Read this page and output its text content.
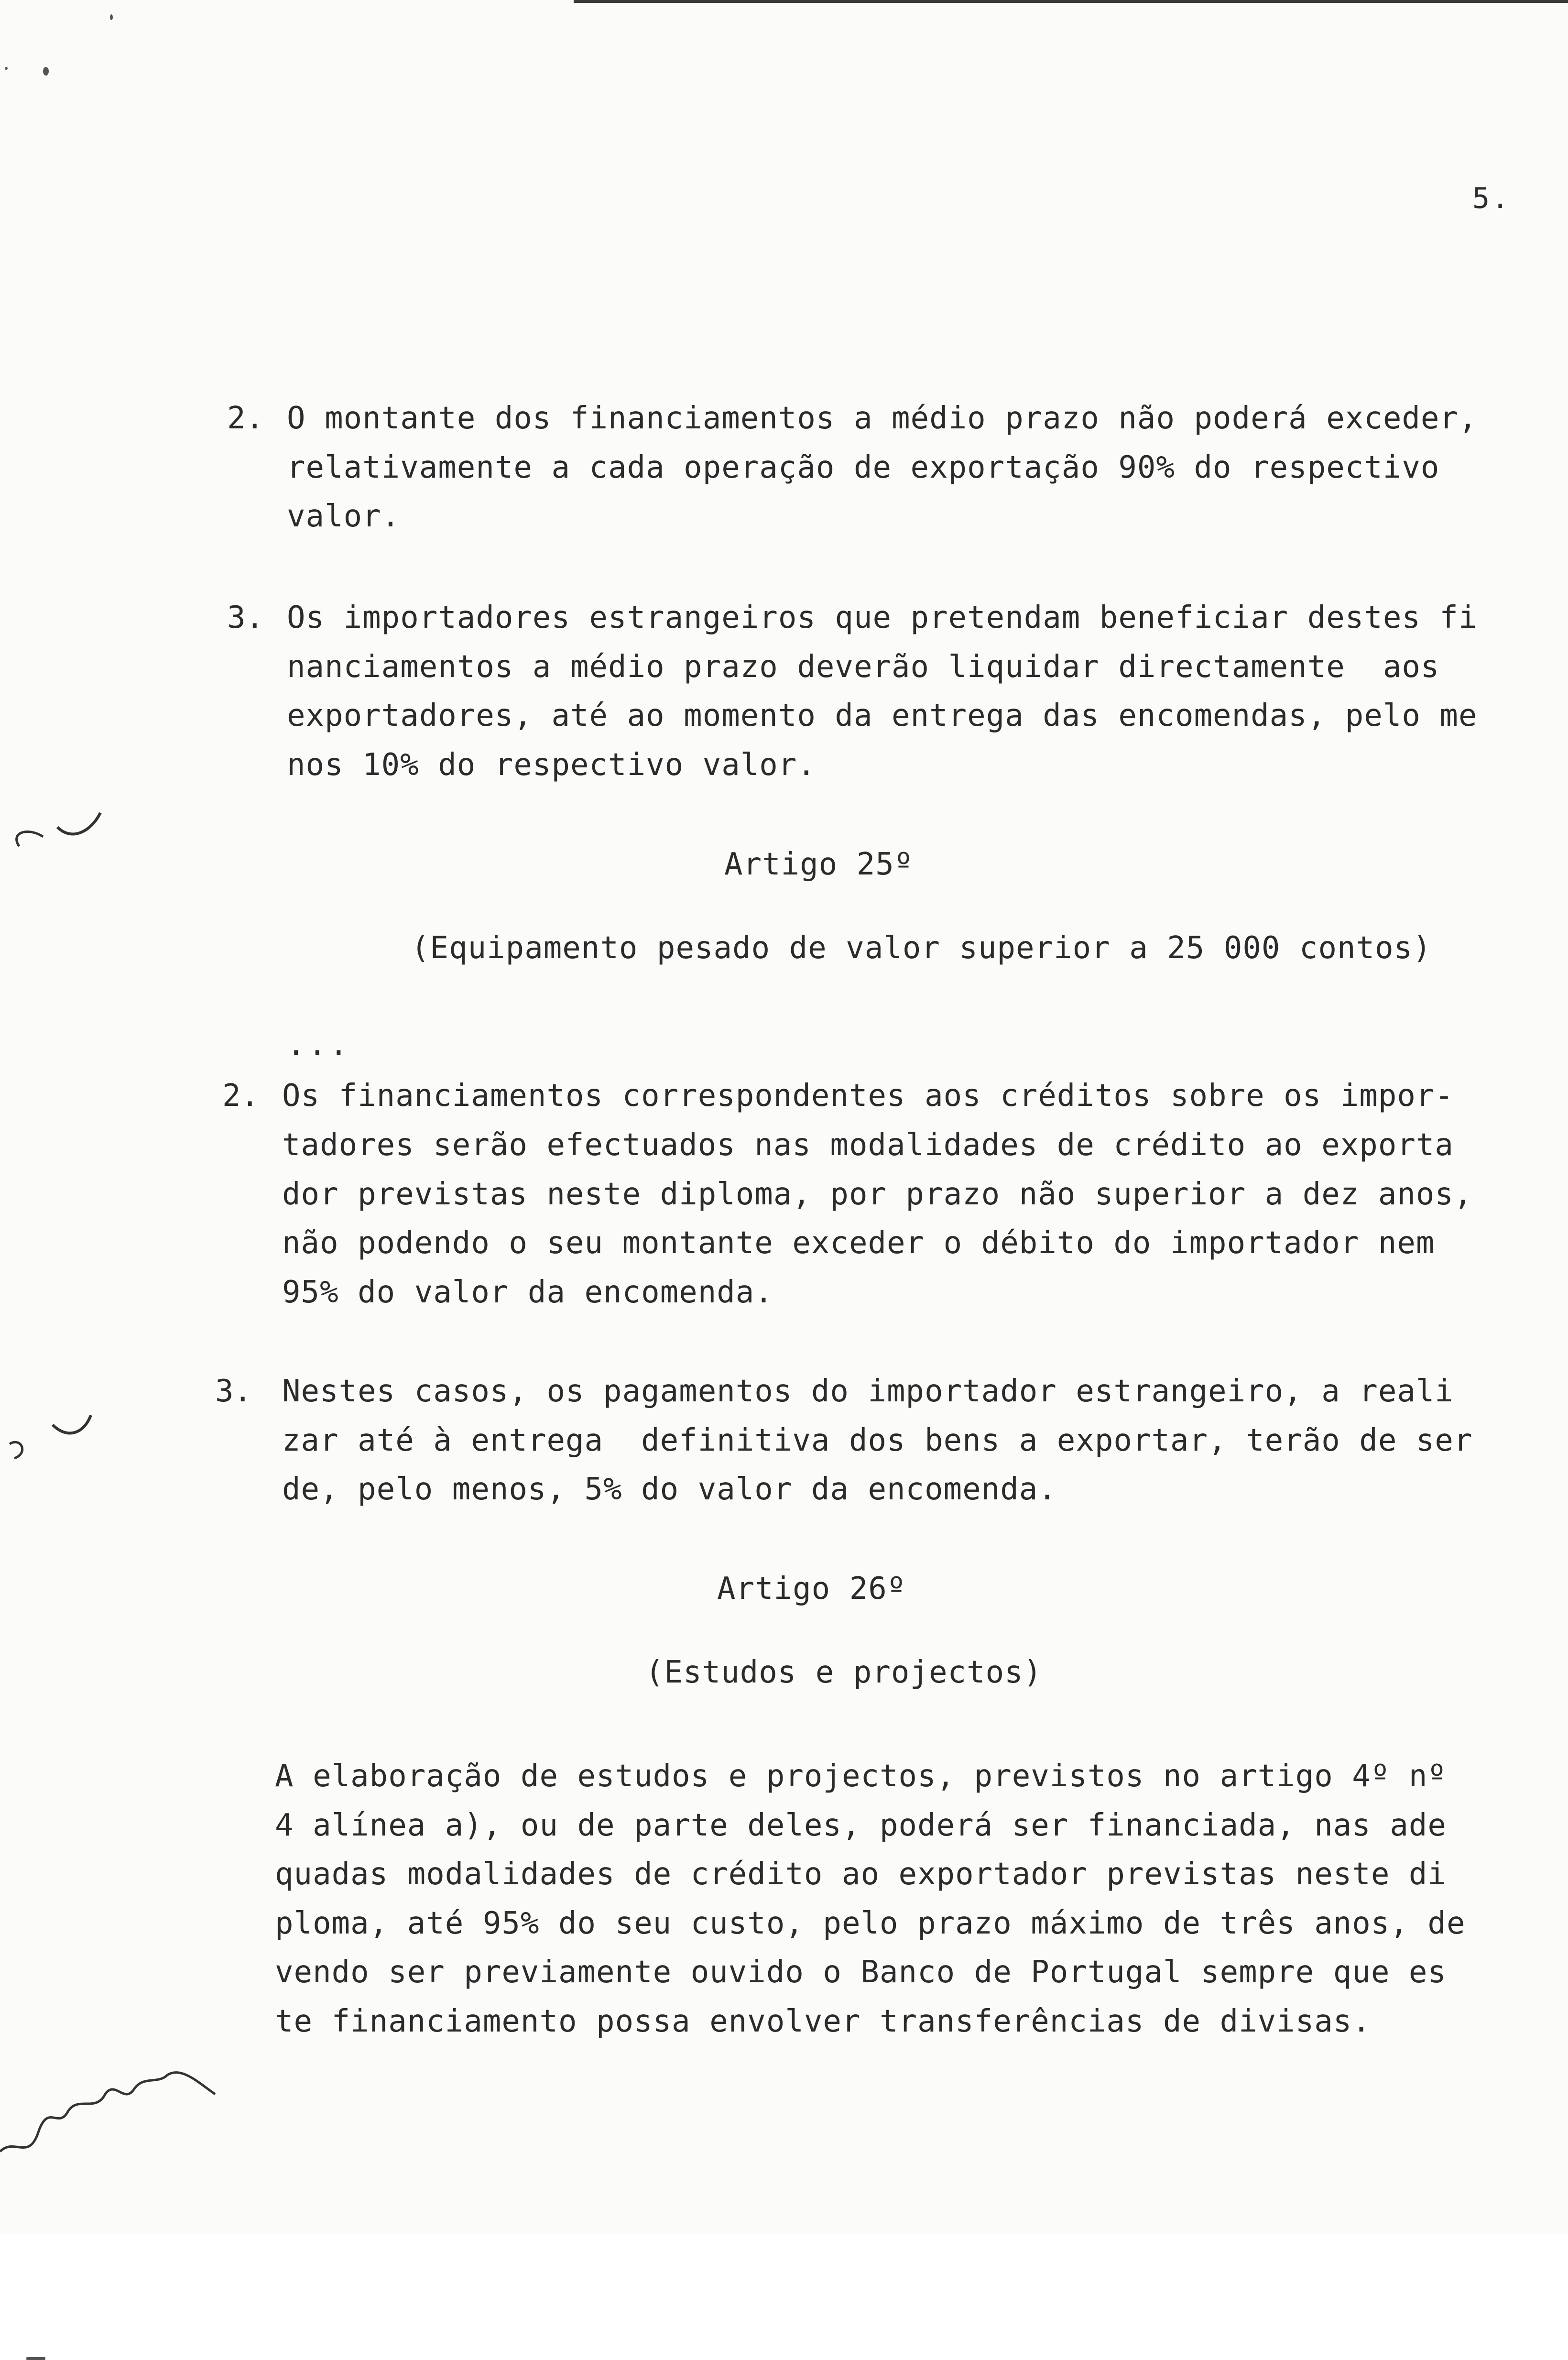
5.
2. O montante dos financiamentos a médio prazo não poderá exceder,
relativamente a cada operação de exportação 90% do respectivo
valor.
3. Os importadores estrangeiros que pretendam beneficiar destes fi
nanciamentos a médio prazo deverão liquidar directamente  aos
exportadores, até ao momento da entrega das encomendas, pelo me
nos 10% do respectivo valor.
Artigo 25º
(Equipamento pesado de valor superior a 25 000 contos)
...
2. Os financiamentos correspondentes aos créditos sobre os impor-
tadores serão efectuados nas modalidades de crédito ao exporta
dor previstas neste diploma, por prazo não superior a dez anos,
não podendo o seu montante exceder o débito do importador nem
95% do valor da encomenda.
3. Nestes casos, os pagamentos do importador estrangeiro, a reali
zar até à entrega  definitiva dos bens a exportar, terão de ser
de, pelo menos, 5% do valor da encomenda.
Artigo 26º
(Estudos e projectos)
A elaboração de estudos e projectos, previstos no artigo 4º nº
4 alínea a), ou de parte deles, poderá ser financiada, nas ade
quadas modalidades de crédito ao exportador previstas neste di
ploma, até 95% do seu custo, pelo prazo máximo de três anos, de
vendo ser previamente ouvido o Banco de Portugal sempre que es
te financiamento possa envolver transferências de divisas.
